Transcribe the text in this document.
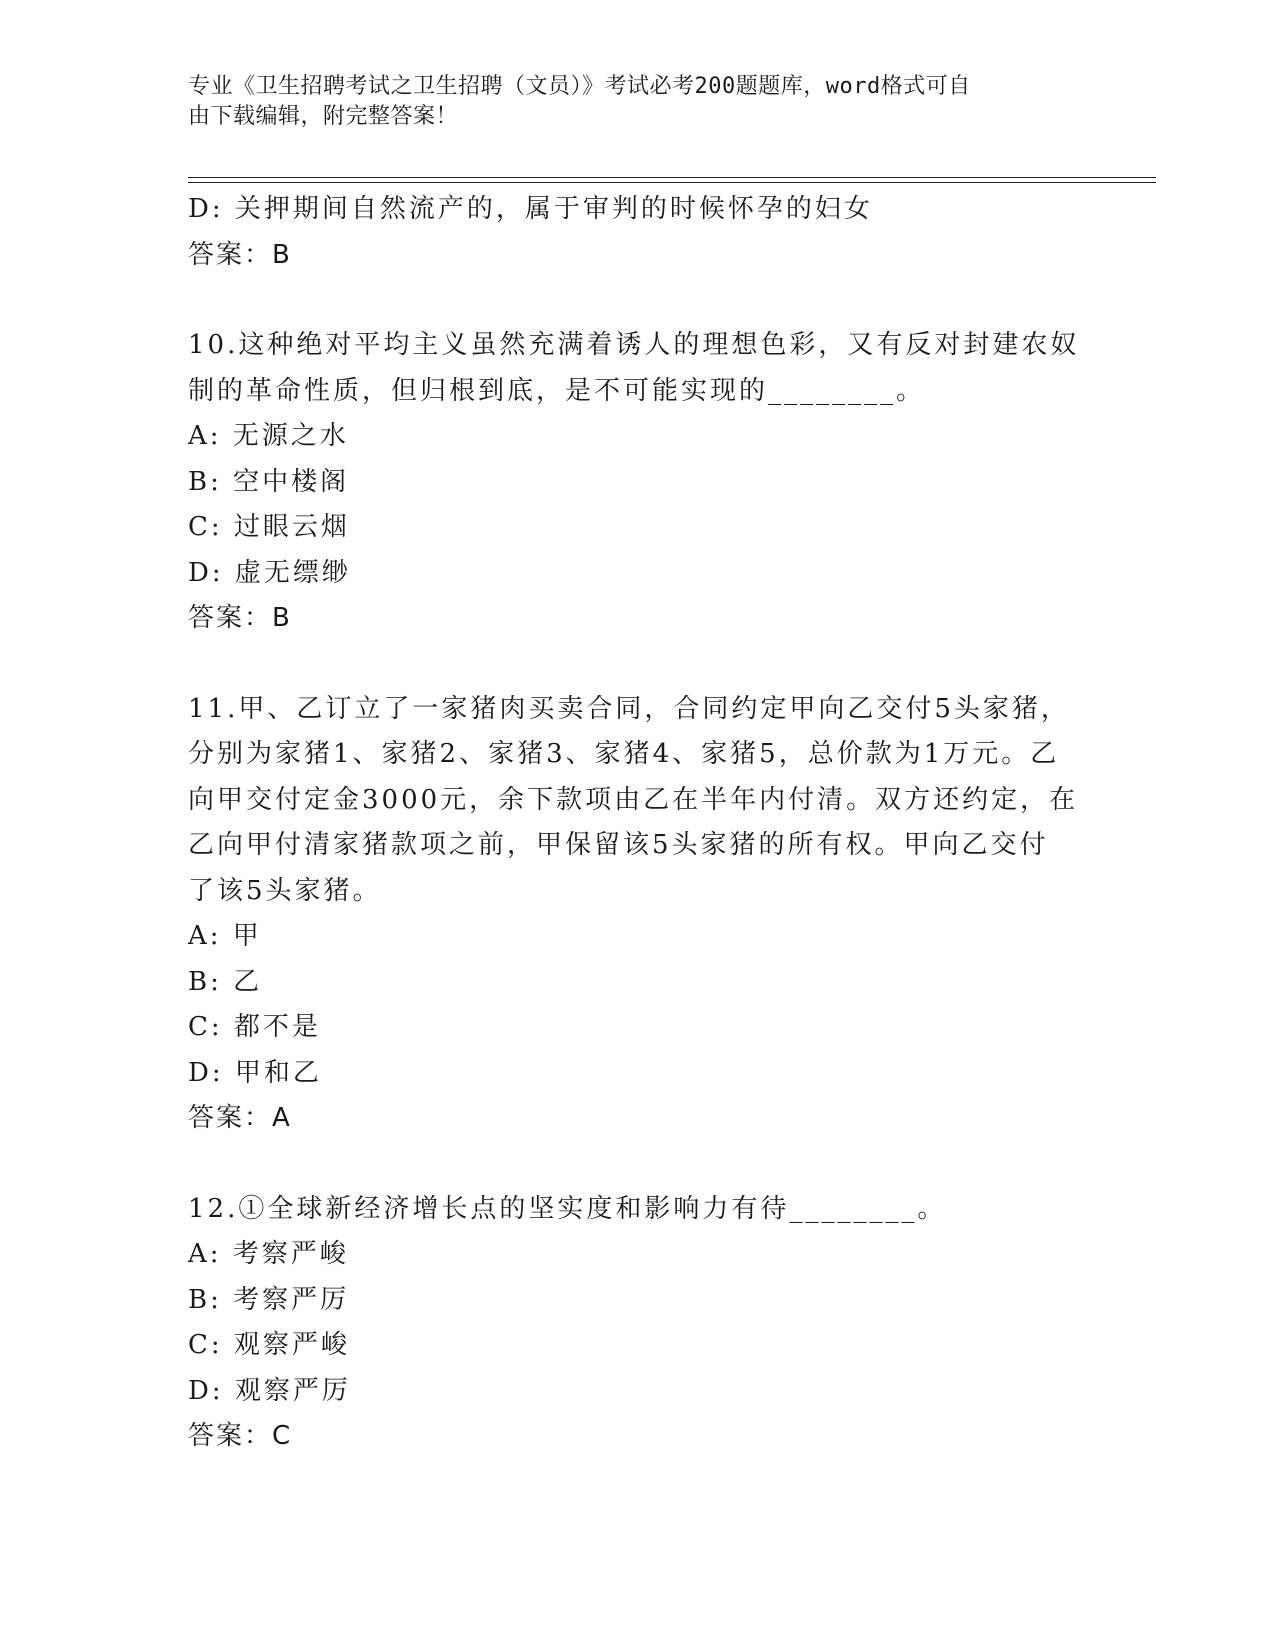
专业《卫生招聘考试之卫生招聘（文员）》考试必考200题题库，word格式可自
由下载编辑，附完整答案！
D: 关押期间自然流产的，属于审判的时候怀孕的妇女
答案：B
10.这种绝对平均主义虽然充满着诱人的理想色彩，又有反对封建农奴
制的革命性质，但归根到底，是不可能实现的________。
A: 无源之水
B: 空中楼阁
C: 过眼云烟
D: 虚无缥缈
答案：B
11.甲、乙订立了一家猪肉买卖合同，合同约定甲向乙交付5头家猪，
分别为家猪1、家猪2、家猪3、家猪4、家猪5，总价款为1万元。乙
向甲交付定金3000元，余下款项由乙在半年内付清。双方还约定，在
乙向甲付清家猪款项之前，甲保留该5头家猪的所有权。甲向乙交付
了该5头家猪。
A: 甲
B: 乙
C: 都不是
D: 甲和乙
答案：A
12.①全球新经济增长点的坚实度和影响力有待________。
A: 考察严峻
B: 考察严厉
C: 观察严峻
D: 观察严厉
答案：C
